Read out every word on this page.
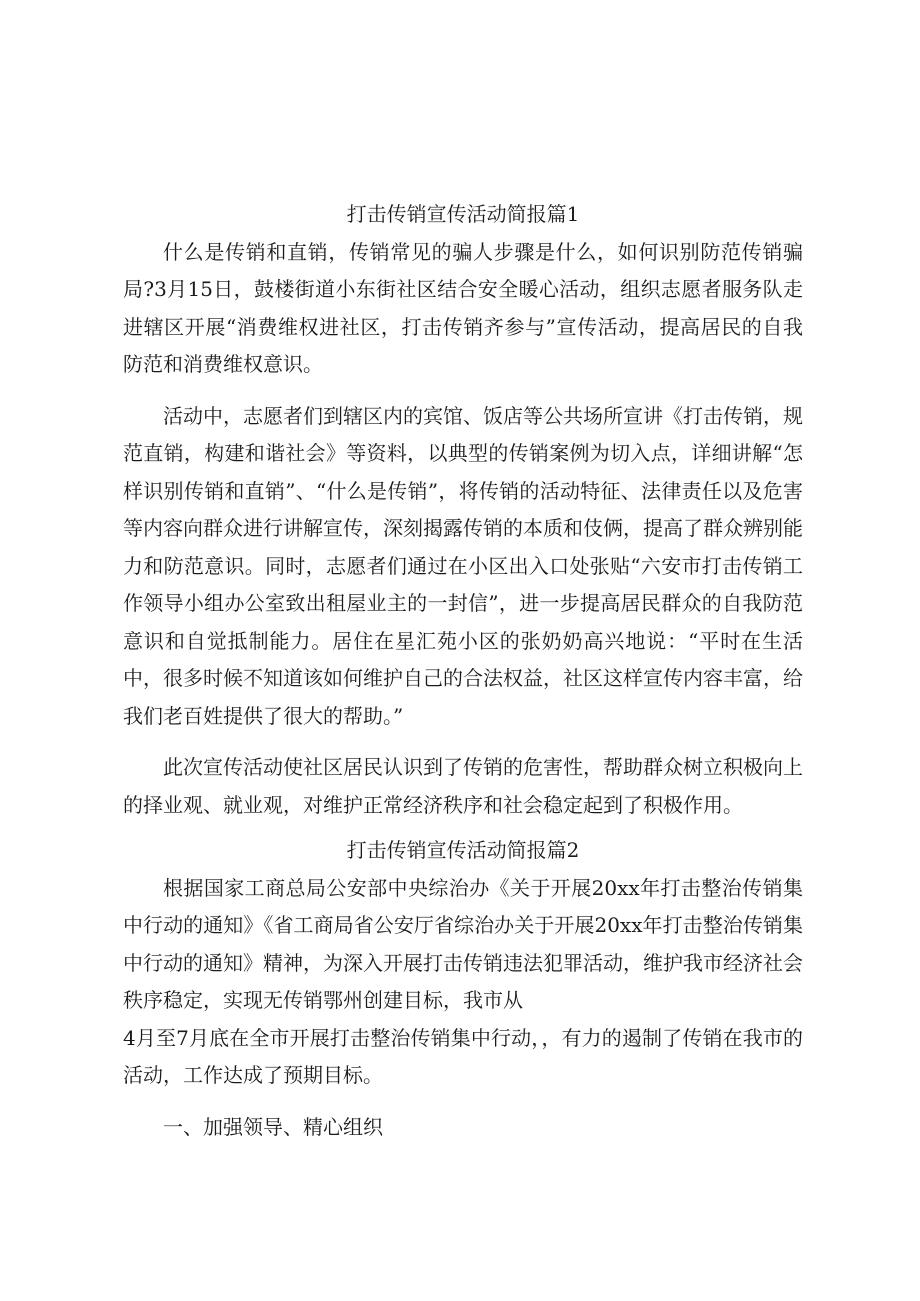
打击传销宣传活动简报篇1

什么是传销和直销，传销常见的骗人步骤是什么，如何识别防范传销骗局?3月15日，鼓楼街道小东街社区结合安全暖心活动，组织志愿者服务队走进辖区开展“消费维权进社区，打击传销齐参与”宣传活动，提高居民的自我防范和消费维权意识。

活动中，志愿者们到辖区内的宾馆、饭店等公共场所宣讲《打击传销，规范直销，构建和谐社会》等资料，以典型的传销案例为切入点，详细讲解“怎样识别传销和直销”、“什么是传销”，将传销的活动特征、法律责任以及危害等内容向群众进行讲解宣传，深刻揭露传销的本质和伎俩，提高了群众辨别能力和防范意识。同时，志愿者们通过在小区出入口处张贴“六安市打击传销工作领导小组办公室致出租屋业主的一封信”，进一步提高居民群众的自我防范意识和自觉抵制能力。居住在星汇苑小区的张奶奶高兴地说：“平时在生活中，很多时候不知道该如何维护自己的合法权益，社区这样宣传内容丰富，给我们老百姓提供了很大的帮助。”

此次宣传活动使社区居民认识到了传销的危害性，帮助群众树立积极向上的择业观、就业观，对维护正常经济秩序和社会稳定起到了积极作用。

打击传销宣传活动简报篇2

根据国家工商总局公安部中央综治办《关于开展20xx年打击整治传销集中行动的通知》《省工商局省公安厅省综治办关于开展20xx年打击整治传销集中行动的通知》精神，为深入开展打击传销违法犯罪活动，维护我市经济社会秩序稳定，实现无传销鄂州创建目标，我市从

4月至7月底在全市开展打击整治传销集中行动，，有力的遏制了传销在我市的活动，工作达成了预期目标。

一、加强领导、精心组织
